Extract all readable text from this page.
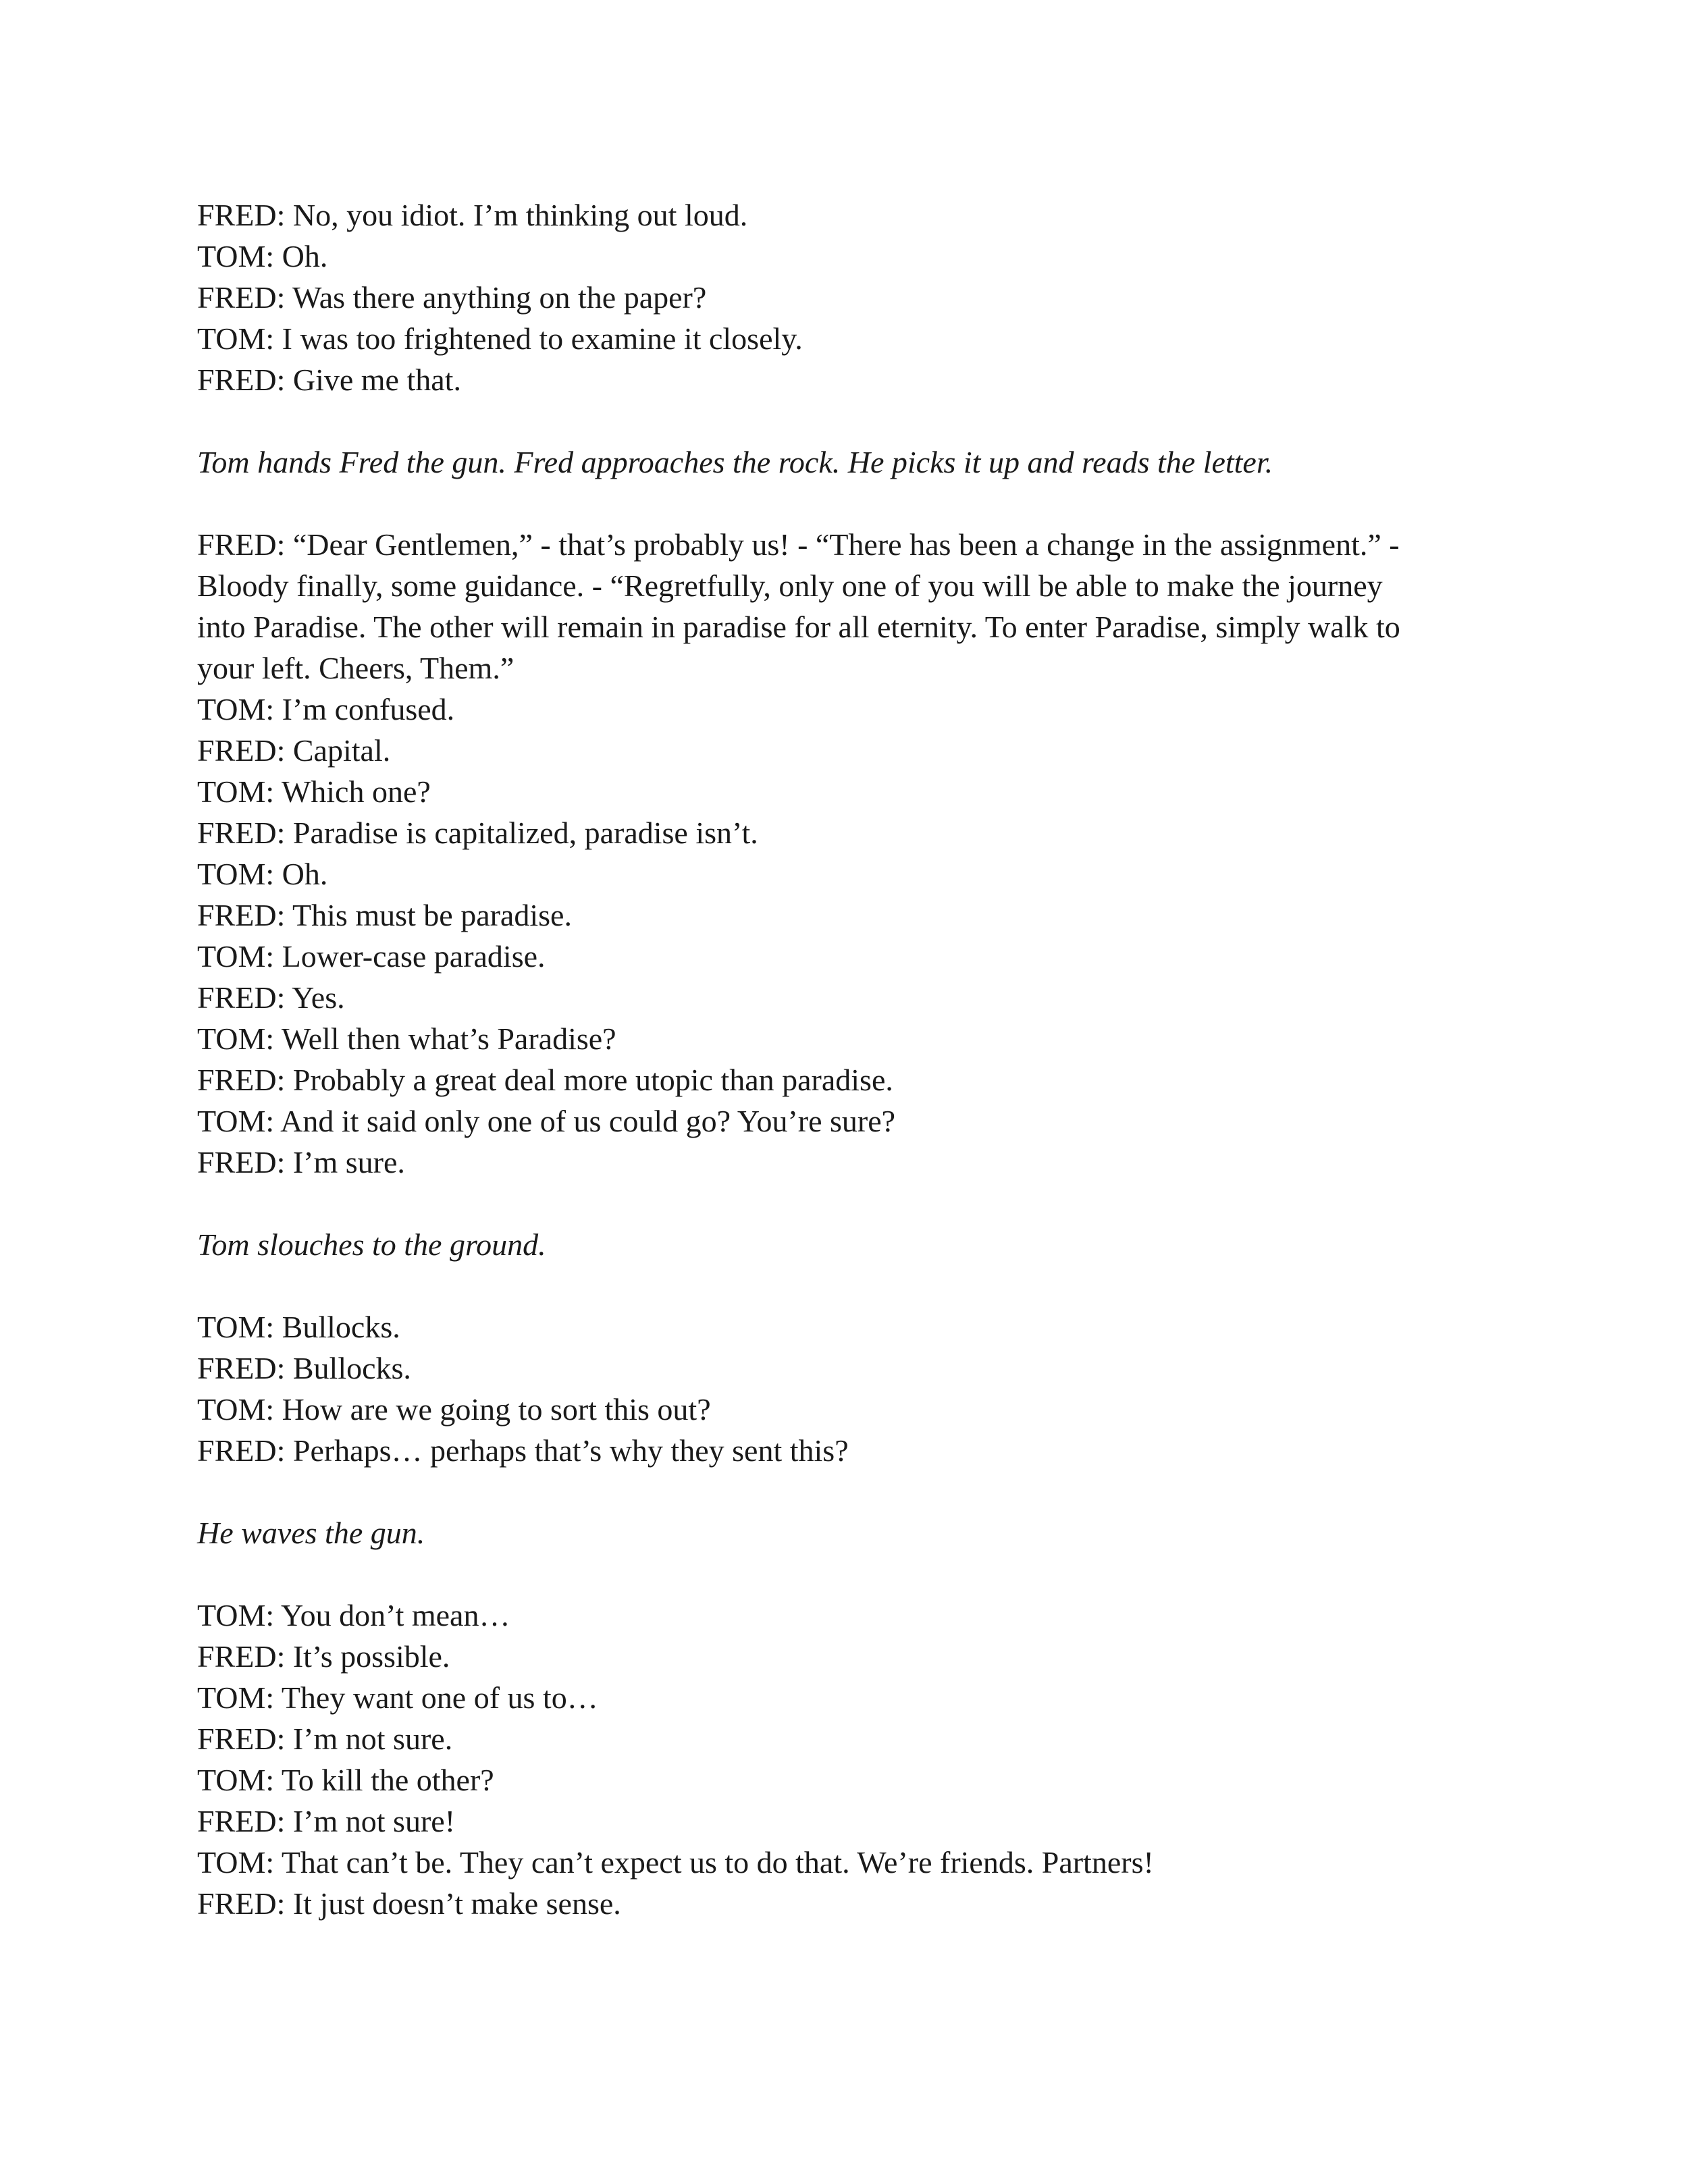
FRED: No, you idiot. I’m thinking out loud.
TOM: Oh.
FRED: Was there anything on the paper?
TOM: I was too frightened to examine it closely.
FRED: Give me that.
Tom hands Fred the gun. Fred approaches the rock. He picks it up and reads the letter.
FRED: “Dear Gentlemen,” - that’s probably us! - “There has been a change in the assignment.” -
Bloody finally, some guidance. - “Regretfully, only one of you will be able to make the journey
into Paradise. The other will remain in paradise for all eternity. To enter Paradise, simply walk to
your left. Cheers, Them.”
TOM: I’m confused.
FRED: Capital.
TOM: Which one?
FRED: Paradise is capitalized, paradise isn’t.
TOM: Oh.
FRED: This must be paradise.
TOM: Lower-case paradise.
FRED: Yes.
TOM: Well then what’s Paradise?
FRED: Probably a great deal more utopic than paradise.
TOM: And it said only one of us could go? You’re sure?
FRED: I’m sure.
Tom slouches to the ground.
TOM: Bullocks.
FRED: Bullocks.
TOM: How are we going to sort this out?
FRED: Perhaps… perhaps that’s why they sent this?
He waves the gun.
TOM: You don’t mean…
FRED: It’s possible.
TOM: They want one of us to…
FRED: I’m not sure.
TOM: To kill the other?
FRED: I’m not sure!
TOM: That can’t be. They can’t expect us to do that. We’re friends. Partners!
FRED: It just doesn’t make sense.
